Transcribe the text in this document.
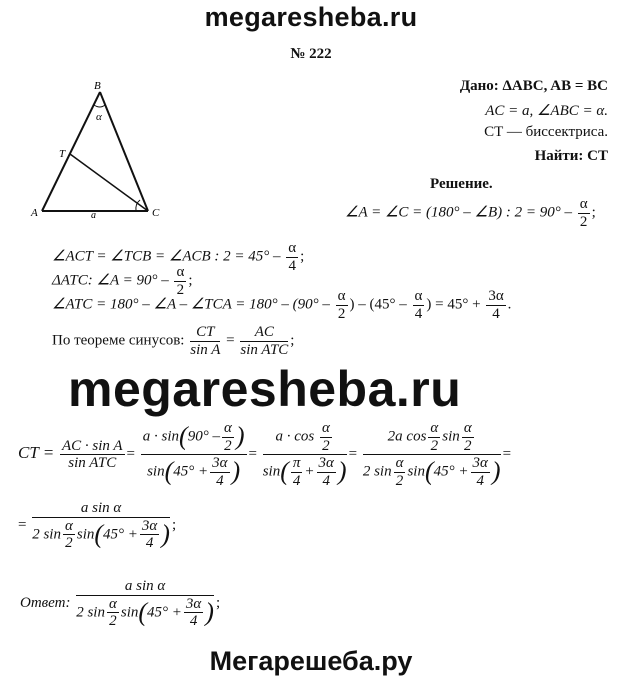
megaresheba.ru
№ 222
B
T
A	C
α
a
Дано: ΔABC, AB = BC
AC = a, ∠ABC = α.
CT — биссектриса.
Найти: CT
Решение.
∠A = ∠C = (180° – ∠B) : $2 = 90^\circ - \frac{\alpha}{2}$ ;
∠ACT = ∠TCB = ∠ACB : $2 = 45^\circ - \frac{\alpha}{4}$ ;
ΔATC: ∠A = $90^\circ - \frac{\alpha}{2}$ ;
∠ATC = 180° – ∠A – ∠TCA = $180^\circ - (90^\circ - \frac{\alpha}{2}$ ) – ($45^\circ - \frac{\alpha}{4}$ ) = $45^\circ + \frac{3\alpha}{4}$ .
По теореме синусов: $\frac{CT}{\text{sin A}} = \frac{AC}{\text{sin ATC}}$ ;
megaresheba.ru
CT = $\frac{\text{AC · sin A}}{\text{sin ATC}} = \frac{a \cdot \sin(90^\circ - \frac{\alpha}{2} )}{\sin(45^\circ + \frac{3\alpha}{4} )} = \frac{a \cdot \cos \frac{\alpha}{2}}{\sin( \frac{\pi}{4} + \frac{3\alpha}{4} )} = \frac{2a \cos \frac{\alpha}{2} \sin \frac{\alpha}{2}}{2 \sin \frac{\alpha}{2} \sin(45^\circ + \frac{3\alpha}{4} )}$ =
= $\frac{\text{a sin α}}{2 \sin \frac{\alpha}{2} \sin(45^\circ + \frac{3\alpha}{4} )}$ ;
Ответ: $\frac{\text{a sin α}}{2 \sin \frac{\alpha}{2} \sin(45^\circ + \frac{3\alpha}{4} )}$ ;
Мегарешеба.ру
